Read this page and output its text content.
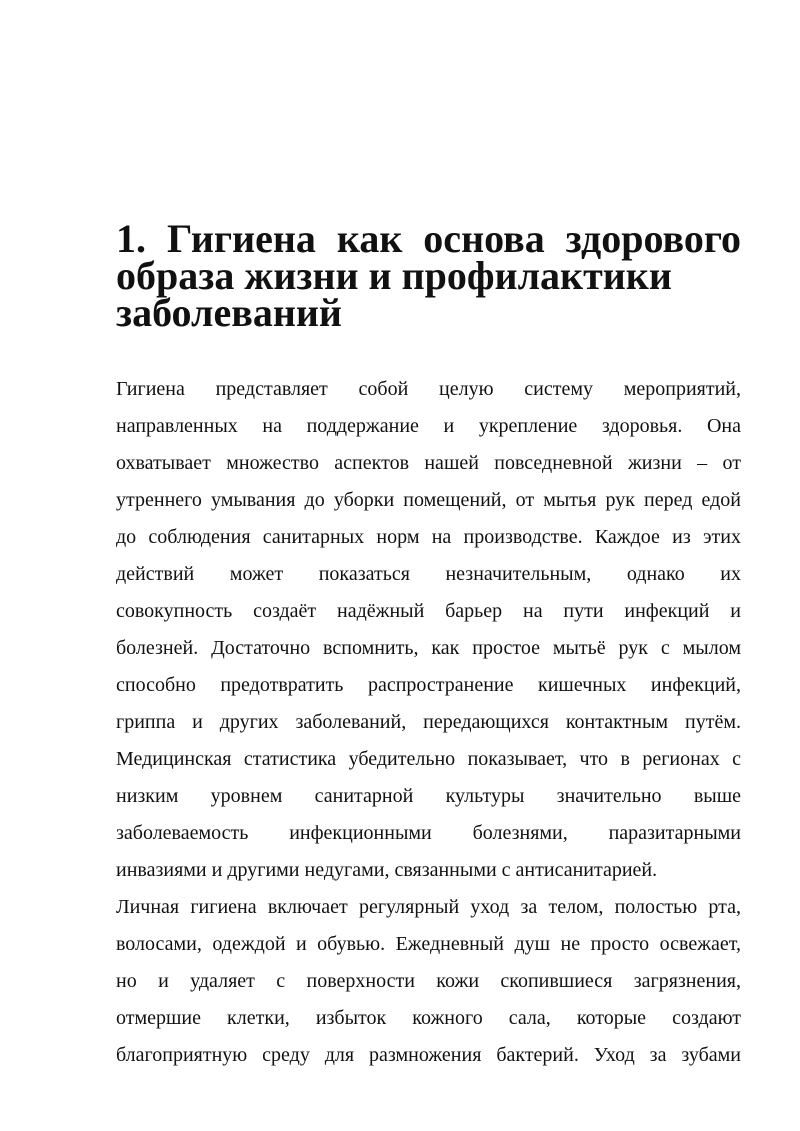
1. Гигиена как основа здорового образа жизни и профилактики
заболеваний

Гигиена представляет собой целую систему мероприятий,
направленных на поддержание и укрепление здоровья. Она
охватывает множество аспектов нашей повседневной жизни – от
утреннего умывания до уборки помещений, от мытья рук перед едой
до соблюдения санитарных норм на производстве. Каждое из этих
действий может показаться незначительным, однако их
совокупность создаёт надёжный барьер на пути инфекций и
болезней. Достаточно вспомнить, как простое мытьё рук с мылом
способно предотвратить распространение кишечных инфекций,
гриппа и других заболеваний, передающихся контактным путём.
Медицинская статистика убедительно показывает, что в регионах с
низким уровнем санитарной культуры значительно выше
заболеваемость инфекционными болезнями, паразитарными
инвазиями и другими недугами, связанными с антисанитарией.

Личная гигиена включает регулярный уход за телом, полостью рта,
волосами, одеждой и обувью. Ежедневный душ не просто освежает,
но и удаляет с поверхности кожи скопившиеся загрязнения,
отмершие клетки, избыток кожного сала, которые создают
благоприятную среду для размножения бактерий. Уход за зубами
